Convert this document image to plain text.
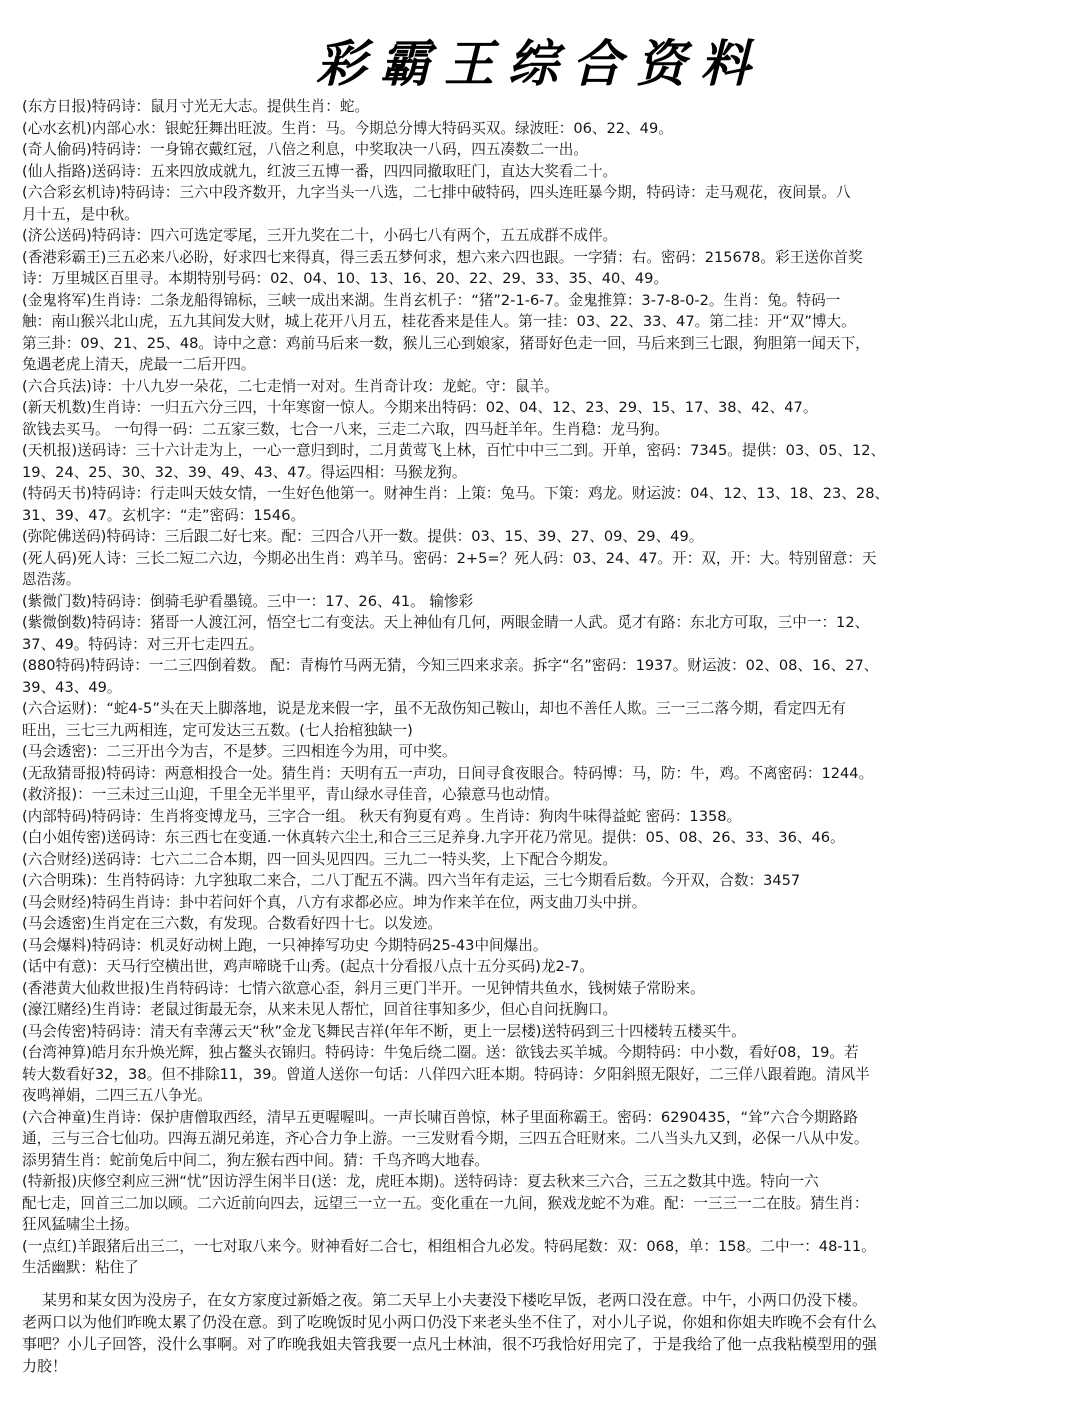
彩霸王综合资料
(东方日报)特码诗：鼠月寸光无大志。提供生肖：蛇。
(心水玄机)内部心水：银蛇狂舞出旺波。生肖：马。今期总分博大特码买双。绿波旺：06、22、49。
(奇人偷码)特码诗：一身锦衣戴红冠，八倍之利息，中奖取决一八码，四五凑数二一出。
(仙人指路)送码诗：五来四放成就九，红波三五博一番，四四同撤取旺门，直达大奖看二十。
(六合彩玄机诗)特码诗：三六中段齐数开，九字当头一八选，二七排中破特码，四头连旺暴今期，特码诗：走马观花，夜间景。八
月十五，是中秋。
(济公送码)特码诗：四六可选定零尾，三开九奖在二十，小码七八有两个，五五成群不成伴。
(香港彩霸王)三五必来八必盼，好求四七来得真，得三丢五梦何求，想六来六四也跟。一字猜：右。密码：215678。彩王送你首奖
诗：万里城区百里寻。本期特别号码：02、04、10、13、16、20、22、29、33、35、40、49。
(金鬼将军)生肖诗：二条龙船得锦标，三峡一成出来湖。生肖玄机子：“猪”2-1-6-7。金鬼推算：3-7-8-0-2。生肖：兔。特码一
触：南山猴兴北山虎，五九其间发大财，城上花开八月五，桂花香来是佳人。第一挂：03、22、33、47。第二挂：开“双”博大。
第三卦：09、21、25、48。诗中之意：鸡前马后来一数，猴儿三心到娘家，猪哥好色走一回，马后来到三七跟，狗胆第一闻天下，
兔遇老虎上清天，虎最一二后开四。
(六合兵法)诗：十八九岁一朵花，二七走悄一对对。生肖奇计攻：龙蛇。守：鼠羊。
(新天机数)生肖诗：一归五六分三四，十年寒窗一惊人。今期来出特码：02、04、12、23、29、15、17、38、42、47。
欲钱去买马。 一句得一码：二五家三数，七合一八来，三走二六取，四马赶羊年。生肖稳：龙马狗。
(天机报)送码诗：三十六计走为上，一心一意归到时，二月黄莺飞上林，百忙中中三二到。开单，密码：7345。提供：03、05、12、
19、24、25、30、32、39、49、43、47。得运四相：马猴龙狗。
(特码天书)特码诗：行走叫天妓女情，一生好色他第一。财神生肖：上策：兔马。下策：鸡龙。财运波：04、12、13、18、23、28、
31、39、47。玄机字：“走”密码：1546。
(弥陀佛送码)特码诗：三后跟二好七来。配：三四合八开一数。提供：03、15、39、27、09、29、49。
(死人码)死人诗：三长二短二六边，今期必出生肖：鸡羊马。密码：2+5=？死人码：03、24、47。开：双，开：大。特别留意：天
恩浩荡。
(紫微门数)特码诗：倒骑毛驴看墨镜。三中一：17、26、41。 输惨彩
(紫微倒数)特码诗：猪哥一人渡江河，悟空七二有变法。天上神仙有几何，两眼金睛一人武。觅才有路：东北方可取，三中一：12、
37、49。特码诗：对三开七走四五。
(880特码)特码诗：一二三四倒着数。 配：青梅竹马两无猜，今知三四来求亲。拆字“名”密码：1937。财运波：02、08、16、27、
39、43、49。
(六合运财)：“蛇4-5”头在天上脚落地，说是龙来假一字，虽不无敌伤知己鞍山，却也不善任人欺。三一三二落今期，看定四无有
旺出，三七三九两相连，定可发达三五数。(七人抬棺独缺一)
(马会透密)：二三开出今为吉，不是梦。三四相连今为用，可中奖。
(无敌猜哥报)特码诗：两意相投合一处。猜生肖：天明有五一声功，日间寻食夜眼合。特码博：马，防：牛，鸡。不离密码：1244。
(救济报)：一三未过三山迎，千里全无半里平，青山绿水寻佳音，心猿意马也动情。
(内部特码)特码诗：生肖将变博龙马，三字合一组。 秋天有狗夏有鸡 。生肖诗：狗肉牛味得益蛇 密码：1358。
(白小姐传密)送码诗：东三西七在变通.一休真转六尘土,和合三三足养身.九字开花乃常见。提供：05、08、26、33、36、46。
(六合财经)送码诗：七六二二合本期，四一回头见四四。三九二一特头奖，上下配合今期发。
(六合明珠)：生肖特码诗：九字独取二来合，二八丁配五不满。四六当年有走运，三七今期看后数。今开双，合数：3457
(马会财经)特码生肖诗：卦中若问奸个真，八方有求都必应。坤为作来羊在位，两支曲刀头中拼。
(马会透密)生肖定在三六数，有发现。合数看好四十七。以发迹。
(马会爆料)特码诗：机灵好动树上跑，一只神捧写功史 今期特码25-43中间爆出。
(话中有意)：天马行空横出世，鸡声啼晓千山秀。(起点十分看报八点十五分买码)龙2-7。
(香港黄大仙救世报)生肖特码诗：七情六欲意心歪，斜月三更门半开。一见钟情共鱼水，钱树婊子常盼来。
(濠江赌经)生肖诗：老鼠过街最无奈，从来未见人帮忙，回首往事知多少，但心自问抚胸口。
(马会传密)特码诗：清天有幸薄云天“秋”金龙飞舞民吉祥(年年不断，更上一层楼)送特码到三十四楼转五楼买牛。
(台湾神算)皓月东升焕光辉，独占鳌头衣锦归。特码诗：牛兔后绕二圈。送：欲钱去买羊城。今期特码：中小数，看好08，19。若
转大数看好32，38。但不排除11，39。曾道人送你一句话：八佯四六旺本期。特码诗：夕阳斜照无限好，二三佯八跟着跑。清风半
夜鸣禅娟，二四三五八争光。
(六合神童)生肖诗：保护唐僧取西经，清早五更喔喔叫。一声长啸百兽惊，林子里面称霸王。密码：6290435，“耸”六合今期路路
通，三与三合七仙功。四海五湖兄弟连，齐心合力争上游。一三发财看今期，三四五合旺财来。二八当头九又到，必保一八从中发。
添男猜生肖：蛇前兔后中间二，狗左猴右西中间。猜：千鸟齐鸣大地春。
(特新报)庆修空剎应三洲“忧”因访浮生闲半日(送：龙，虎旺本期)。送特码诗：夏去秋来三六合，三五之数其中选。特向一六
配七走，回首三二加以顾。二六近前向四去，远望三一立一五。变化重在一九间，猴戏龙蛇不为难。配：一三三一二在肢。猜生肖：
狂风猛啸尘土扬。
(一点红)羊跟猪后出三二，一七对取八来今。财神看好二合七，相组相合九必发。特码尾数：双：068，单：158。二中一：48-11。
生活幽默：粘住了
某男和某女因为没房子，在女方家度过新婚之夜。第二天早上小夫妻没下楼吃早饭，老两口没在意。中午，小两口仍没下楼。
老两口以为他们昨晚太累了仍没在意。到了吃晚饭时见小两口仍没下来老头坐不住了，对小儿子说，你姐和你姐夫昨晚不会有什么
事吧？小儿子回答，没什么事啊。对了昨晚我姐夫管我要一点凡士林油，很不巧我恰好用完了，于是我给了他一点我粘模型用的强
力胶！
